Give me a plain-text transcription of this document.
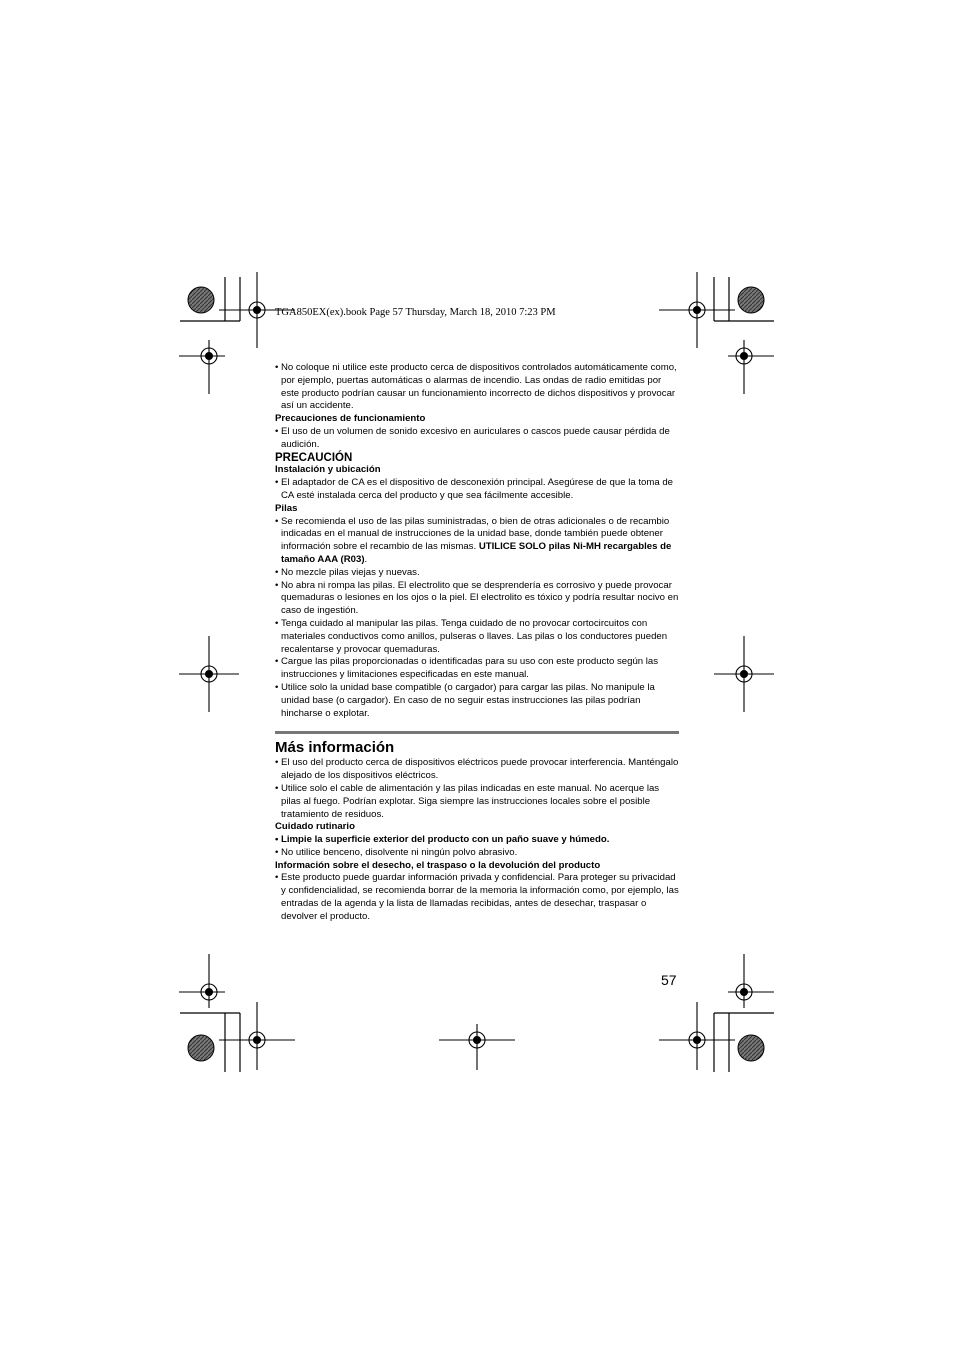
TGA850EX(ex).book Page 57 Thursday, March 18, 2010 7:23 PM

• No coloque ni utilice este producto cerca de dispositivos controlados automáticamente como, por ejemplo, puertas automáticas o alarmas de incendio. Las ondas de radio emitidas por este producto podrían causar un funcionamiento incorrecto de dichos dispositivos y provocar así un accidente.

Precauciones de funcionamiento

• El uso de un volumen de sonido excesivo en auriculares o cascos puede causar pérdida de audición.

PRECAUCIÓN

Instalación y ubicación

• El adaptador de CA es el dispositivo de desconexión principal. Asegúrese de que la toma de CA esté instalada cerca del producto y que sea fácilmente accesible.

Pilas

• Se recomienda el uso de las pilas suministradas, o bien de otras adicionales o de recambio indicadas en el manual de instrucciones de la unidad base, donde también puede obtener información sobre el recambio de las mismas. UTILICE SOLO pilas Ni-MH recargables de tamaño AAA (R03).

• No mezcle pilas viejas y nuevas.

• No abra ni rompa las pilas. El electrolito que se desprendería es corrosivo y puede provocar quemaduras o lesiones en los ojos o la piel. El electrolito es tóxico y podría resultar nocivo en caso de ingestión.

• Tenga cuidado al manipular las pilas. Tenga cuidado de no provocar cortocircuitos con materiales conductivos como anillos, pulseras o llaves. Las pilas o los conductores pueden recalentarse y provocar quemaduras.

• Cargue las pilas proporcionadas o identificadas para su uso con este producto según las instrucciones y limitaciones especificadas en este manual.

• Utilice solo la unidad base compatible (o cargador) para cargar las pilas. No manipule la unidad base (o cargador). En caso de no seguir estas instrucciones las pilas podrían hincharse o explotar.

Más información

• El uso del producto cerca de dispositivos eléctricos puede provocar interferencia. Manténgalo alejado de los dispositivos eléctricos.

• Utilice solo el cable de alimentación y las pilas indicadas en este manual. No acerque las pilas al fuego. Podrían explotar. Siga siempre las instrucciones locales sobre el posible tratamiento de residuos.

Cuidado rutinario

• Limpie la superficie exterior del producto con un paño suave y húmedo.

• No utilice benceno, disolvente ni ningún polvo abrasivo.

Información sobre el desecho, el traspaso o la devolución del producto

• Este producto puede guardar información privada y confidencial. Para proteger su privacidad y confidencialidad, se recomienda borrar de la memoria la información como, por ejemplo, las entradas de la agenda y la lista de llamadas recibidas, antes de desechar, traspasar o devolver el producto.

57
